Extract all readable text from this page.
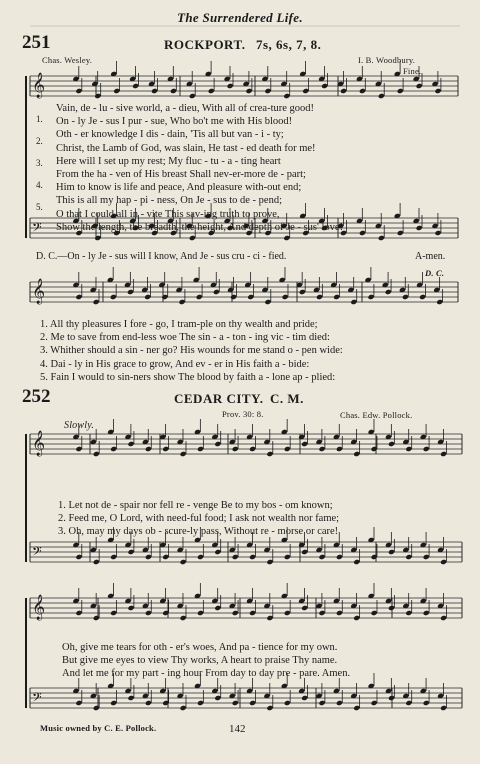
𝄞
𝄢
𝄞
𝄞
𝄢
𝄞
𝄢
The Surrendered Life.
251	ROCKPORT. 7s, 6s, 7, 8.
Chas. Wesley.	I. B. Woodbury.
Fine.
1.
2.
3.
4.
5.
Vain, de - lu - sive world, a - dieu, With all of crea-ture good!
On - ly Je - sus I pur - sue, Who bo't me with His blood!
Oth - er knowledge I dis - dain, 'Tis all but van - i - ty;
Christ, the Lamb of God, was slain, He tast - ed death for me!
Here will I set up my rest; My fluc - tu - a - ting heart
From the ha - ven of His breast Shall nev-er-more de - part;
Him to know is life and peace, And pleasure with-out end;
This is all my hap - pi - ness, On Je - sus to de - pend;
O that I could all in - vite This sav-ing truth to prove,
Show the length, the breadth, the height, And depth of Je - sus' love!
D. C.—On - ly Je - sus will I know, And Je - sus cru - ci - fied.	A-men.
D. C.
1. All thy pleasures I fore - go, I tram-ple on thy wealth and pride;
2. Me to save from end-less woe The sin - a - ton - ing vic - tim died:
3. Whither should a sin - ner go? His wounds for me stand o - pen wide:
4. Dai - ly in His grace to grow, And ev - er in His faith a - bide:
5. Fain I would to sin-ners show The blood by faith a - lone ap - plied:
252	CEDAR CITY. C. M.
Prov. 30: 8.	Chas. Edw. Pollock.
Slowly.
1. Let not de - spair nor fell re - venge Be to my bos - om known;
2. Feed me, O Lord, with need-ful food; I ask not wealth nor fame;
3. Oh, may my days ob - scure-ly pass, Without re - morse or care!
Oh, give me tears for oth - er's woes, And pa - tience for my own.
But give me eyes to view Thy works, A heart to praise Thy name.
And let me for my part - ing hour From day to day pre - pare. Amen.
Music owned by C. E. Pollock.	142
